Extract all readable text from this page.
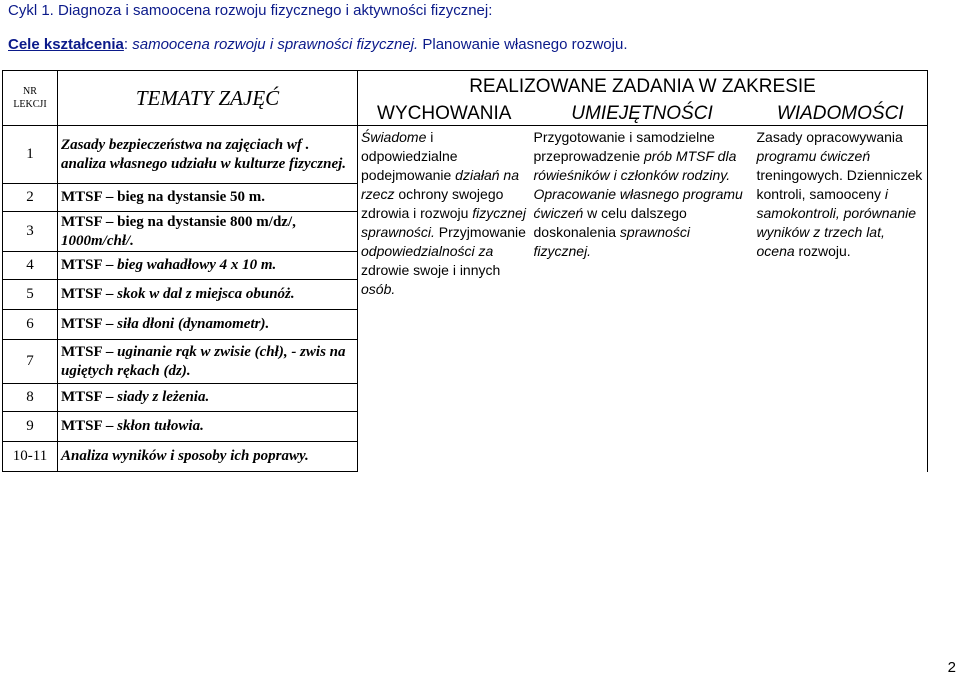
Cykl 1. Diagnoza i samoocena rozwoju fizycznego i aktywności fizycznej:
Cele kształcenia: samoocena rozwoju i sprawności fizycznej. Planowanie własnego rozwoju.
NR LEKCJI	TEMATY ZAJĘĆ	REALIZOWANE ZADANIA W ZAKRESIE		
		WYCHOWANIA	UMIEJĘTNOŚCI	WIADOMOŚCI
1	Zasady bezpieczeństwa na zajęciach wf . analiza własnego udziału w kulturze fizycznej.	Świadome i odpowiedzialne podejmowanie działań na rzecz ochrony swojego zdrowia i rozwoju fizycznej sprawności. Przyjmowanie odpowiedzialności za zdrowie swoje i innych osób.	Przygotowanie i samodzielne przeprowadzenie prób MTSF dla rówieśników i członków rodziny. Opracowanie własnego programu ćwiczeń w celu dalszego doskonalenia sprawności fizycznej.	Zasady opracowywania programu ćwiczeń treningowych. Dzienniczek kontroli, samooceny i samokontroli, porównanie wyników z trzech lat, ocena rozwoju.
2	MTSF – bieg na dystansie 50 m.			
3	MTSF – bieg na dystansie 800 m/dz/, 1000m/chł/.			
4	MTSF – bieg wahadłowy 4 x 10 m.			
5	MTSF – skok w dal z miejsca obunóż.			
6	MTSF – siła dłoni (dynamometr).			
7	MTSF – uginanie rąk w zwisie (chł), - zwis na ugiętych rękach (dz).			
8	MTSF – siady z leżenia.			
9	MTSF – skłon tułowia.			
10-11	Analiza wyników i sposoby ich poprawy.			
2
